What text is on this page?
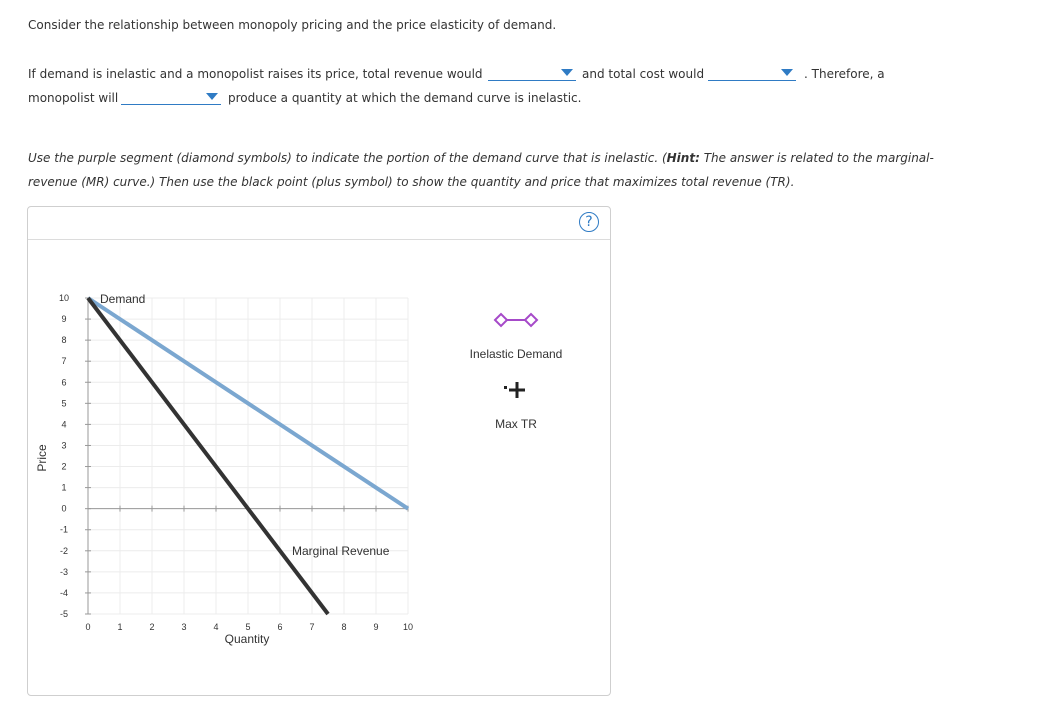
Consider the relationship between monopoly pricing and the price elasticity of demand.
If demand is inelastic and a monopolist raises its price, total revenue would	and total cost would	. Therefore, a
monopolist will	produce a quantity at which the demand curve is inelastic.
Use the purple segment (diamond symbols) to indicate the portion of the demand curve that is inelastic. (Hint: The answer is related to the marginal-
revenue (MR) curve.) Then use the black point (plus symbol) to show the quantity and price that maximizes total revenue (TR).
?
10
9
8
7
6
5
4
3
2
1
0
-1
-2
-3
-4
-5
0	1	2	3	4	5	6	7	8	9	10
Demand
Marginal Revenue
Quantity
Price
Inelastic Demand
Max TR
